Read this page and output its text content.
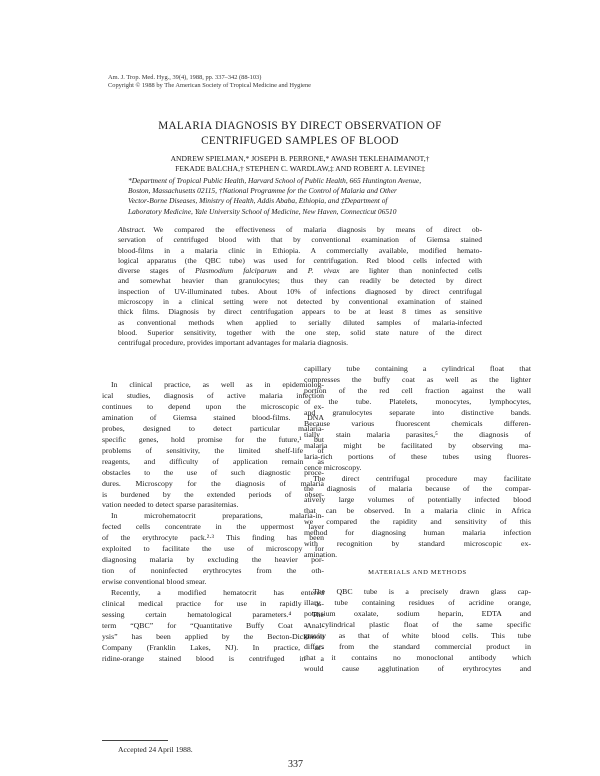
Am. J. Trop. Med. Hyg., 39(4), 1988, pp. 337–342 (88-103)
Copyright © 1988 by The American Society of Tropical Medicine and Hygiene
MALARIA DIAGNOSIS BY DIRECT OBSERVATION OF
CENTRIFUGED SAMPLES OF BLOOD
ANDREW SPIELMAN,* JOSEPH B. PERRONE,* AWASH TEKLEHAIMANOT,†
FEKADE BALCHA,† STEPHEN C. WARDLAW,‡ AND ROBERT A. LEVINE‡
*Department of Tropical Public Health, Harvard School of Public Health, 665 Huntington Avenue,
Boston, Massachusetts 02115, †National Programme for the Control of Malaria and Other
Vector-Borne Diseases, Ministry of Health, Addis Ababa, Ethiopia, and ‡Department of
Laboratory Medicine, Yale University School of Medicine, New Haven, Connecticut 06510
Abstract.  We compared the effectiveness of malaria diagnosis by means of direct ob-
servation of centrifuged blood with that by conventional examination of Giemsa stained
blood-films in a malaria clinic in Ethiopia. A commercially available, modified hemato-
logical apparatus (the QBC tube) was used for centrifugation. Red blood cells infected with
diverse stages of Plasmodium falciparum and P. vivax are lighter than noninfected cells
and somewhat heavier than granulocytes; thus they can readily be detected by direct
inspection of UV-illuminated tubes. About 10% of infections diagnosed by direct centrifugal
microscopy in a clinical setting were not detected by conventional examination of stained
thick films. Diagnosis by direct centrifugation appears to be at least 8 times as sensitive
as conventional methods when applied to serially diluted samples of malaria-infected
blood. Superior sensitivity, together with the one step, solid state nature of the direct
centrifugal procedure, provides important advantages for malaria diagnosis.
In clinical practice, as well as in epidemiolog-
ical studies, diagnosis of active malaria infection
continues to depend upon the microscopic ex-
amination of Giemsa stained blood-films. DNA
probes, designed to detect particular malaria-
specific genes, hold promise for the future,¹ but
problems of sensitivity, the limited shelf-life of
reagents, and difficulty of application remain as
obstacles to the use of such diagnostic proce-
dures. Microscopy for the diagnosis of malaria
is burdened by the extended periods of obser-
vation needed to detect sparse parasitemias.
In microhematocrit preparations, malaria-in-
fected cells concentrate in the uppermost layer
of the erythrocyte pack.²·³ This finding has been
exploited to facilitate the use of microscopy for
diagnosing malaria by excluding the heavier por-
tion of noninfected erythrocytes from the oth-
erwise conventional blood smear.
Recently, a modified hematocrit has entered
clinical medical practice for use in rapidly as-
sessing certain hematological parameters.⁴ The
term “QBC” for “Quantitative Buffy Coat Anal-
ysis” has been applied by the Becton-Dickinson
Company (Franklin Lakes, NJ). In practice, ac-
ridine-orange stained blood is centrifuged in a
capillary tube containing a cylindrical float that
compresses the buffy coat as well as the lighter
portion of the red cell fraction against the wall
of the tube. Platelets, monocytes, lymphocytes,
and granulocytes separate into distinctive bands.
Because various fluorescent chemicals differen-
tially stain malaria parasites,⁵ the diagnosis of
malaria might be facilitated by observing ma-
laria-rich portions of these tubes using fluores-
cence microscopy.
The direct centrifugal procedure may facilitate
the diagnosis of malaria because of the compar-
atively large volumes of potentially infected blood
that can be observed. In a malaria clinic in Africa
we compared the rapidity and sensitivity of this
method for diagnosing human malaria infection
with recognition by standard microscopic ex-
amination.
MATERIALS AND METHODS
The QBC tube is a precisely drawn glass cap-
illary tube containing residues of acridine orange,
potassium oxalate, sodium heparin, EDTA and
a cylindrical plastic float of the same specific
gravity as that of white blood cells. This tube
differs from the standard commercial product in
that it contains no monoclonal antibody which
would cause agglutination of erythrocytes and
Accepted 24 April 1988.
337
